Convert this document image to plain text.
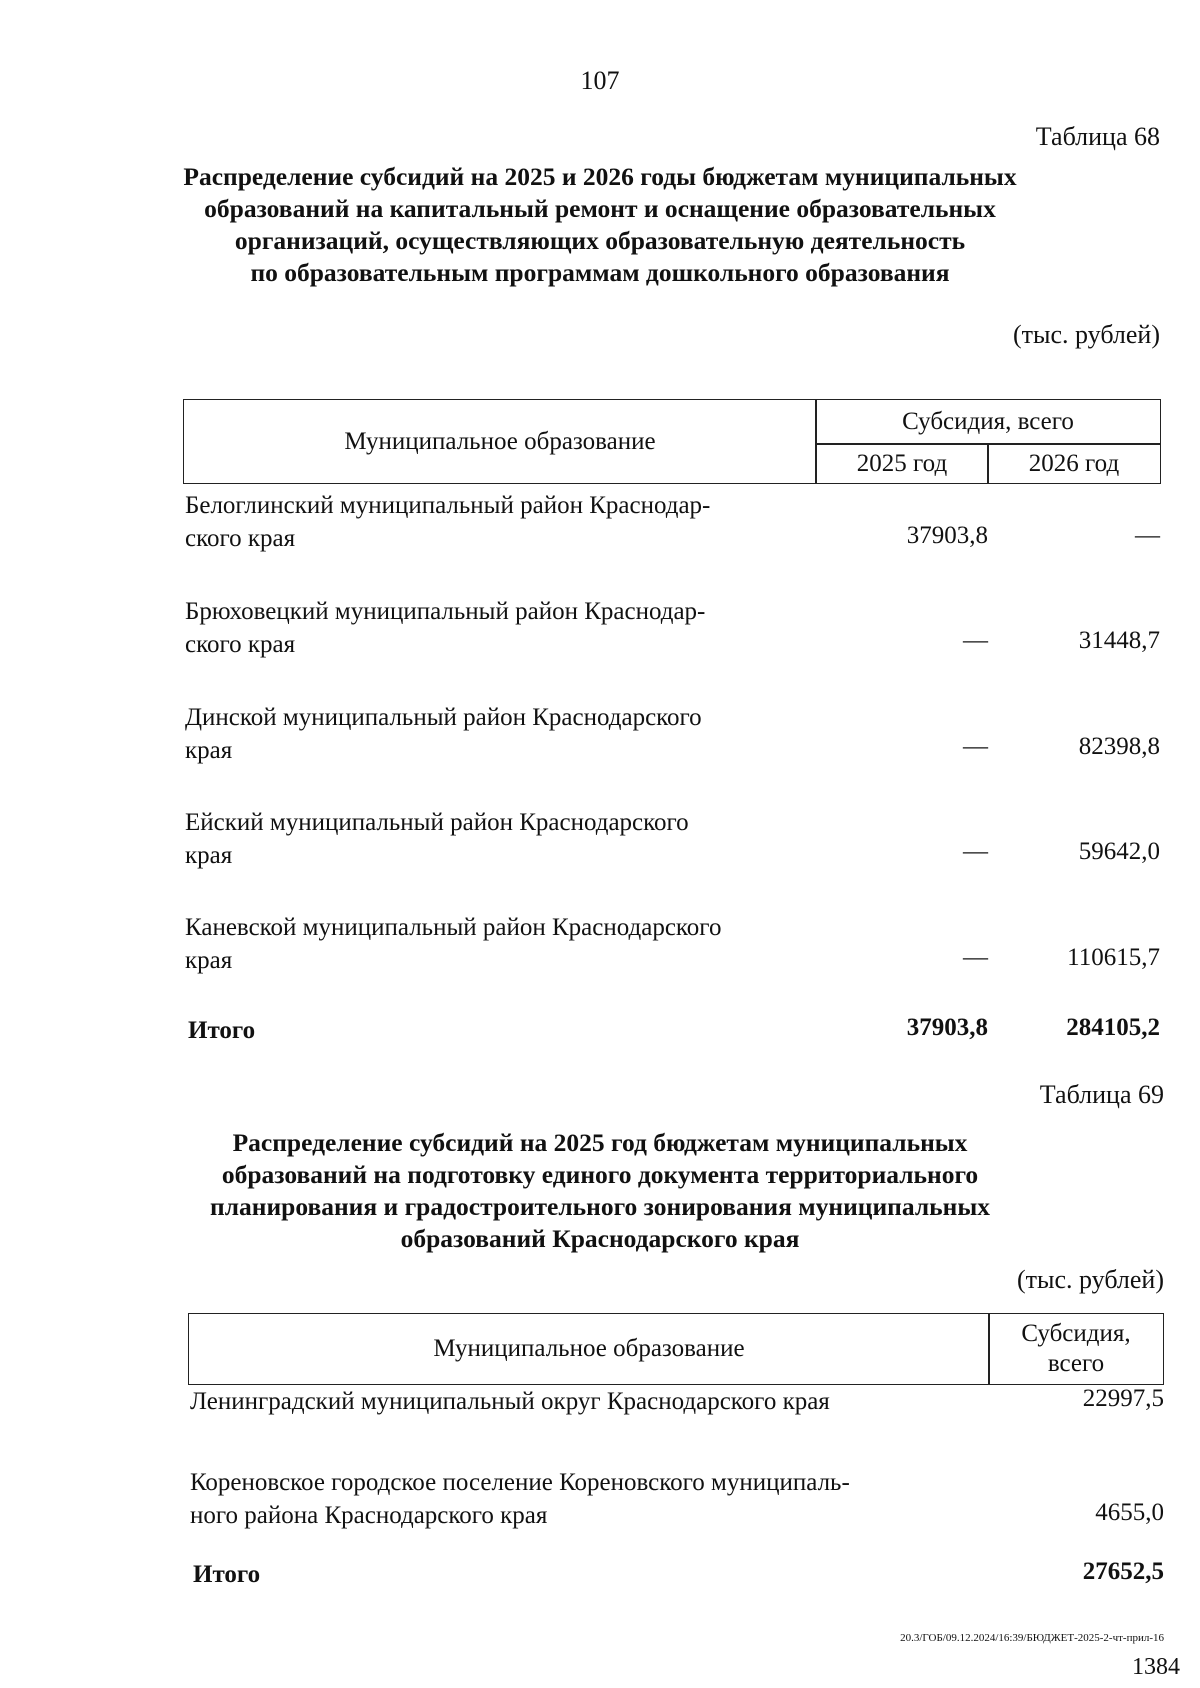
107
Таблица 68
Распределение субсидий на 2025 и 2026 годы бюджетам муниципальных
образований на капитальный ремонт и оснащение образовательных
организаций, осуществляющих образовательную деятельность
по образовательным программам дошкольного образования
(тыс. рублей)
Муниципальное образование
Субсидия, всего
2025 год	2026 год
Белоглинский муниципальный район Краснодар-
ского края	37903,8	—
Брюховецкий муниципальный район Краснодар-
ского края	—	31448,7
Динской муниципальный район Краснодарского
края	—	82398,8
Ейский муниципальный район Краснодарского
края	—	59642,0
Каневской муниципальный район Краснодарского
края	—	110615,7
Итого	37903,8	284105,2
Таблица 69
Распределение субсидий на 2025 год бюджетам муниципальных
образований на подготовку единого документа территориального
планирования и градостроительного зонирования муниципальных
образований Краснодарского края
(тыс. рублей)
Муниципальное образование
Субсидия,
всего
Ленинградский муниципальный округ Краснодарского края	22997,5
Кореновское городское поселение Кореновского муниципаль-
ного района Краснодарского края	4655,0
Итого	27652,5
20.3/ГОБ/09.12.2024/16:39/БЮДЖЕТ-2025-2-чт-прил-16
1384
